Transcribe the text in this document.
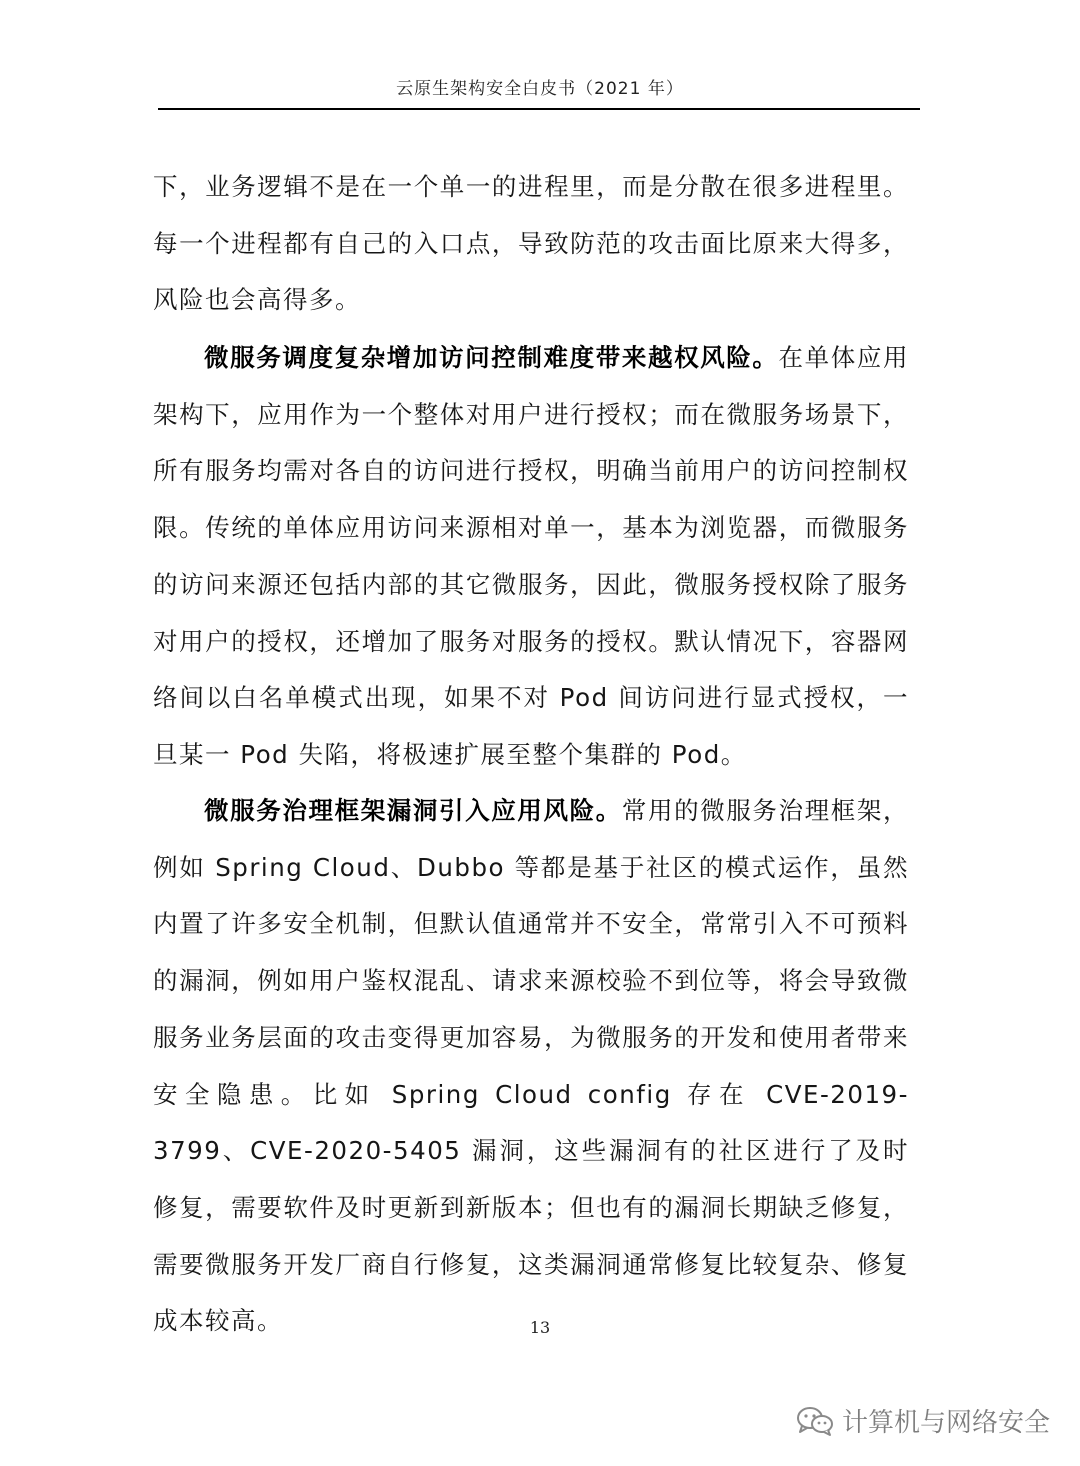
云原生架构安全白皮书（2021 年）
下，业务逻辑不是在一个单一的进程里，而是分散在很多进程里。每一个进程都有自己的入口点，导致防范的攻击面比原来大得多，风险也会高得多。
微服务调度复杂增加访问控制难度带来越权风险。在单体应用架构下，应用作为一个整体对用户进行授权；而在微服务场景下，所有服务均需对各自的访问进行授权，明确当前用户的访问控制权限。传统的单体应用访问来源相对单一，基本为浏览器，而微服务的访问来源还包括内部的其它微服务，因此，微服务授权除了服务对用户的授权，还增加了服务对服务的授权。默认情况下，容器网络间以白名单模式出现，如果不对 Pod 间访问进行显式授权，一旦某一 Pod 失陷，将极速扩展至整个集群的 Pod。
微服务治理框架漏洞引入应用风险。常用的微服务治理框架，例如 Spring Cloud、Dubbo 等都是基于社区的模式运作，虽然内置了许多安全机制，但默认值通常并不安全，常常引入不可预料的漏洞，例如用户鉴权混乱、请求来源校验不到位等，将会导致微服务业务层面的攻击变得更加容易，为微服务的开发和使用者带来安全隐患。比如 Spring Cloud config 存在 CVE-2019-3799、CVE-2020-5405 漏洞，这些漏洞有的社区进行了及时修复，需要软件及时更新到新版本；但也有的漏洞长期缺乏修复，需要微服务开发厂商自行修复，这类漏洞通常修复比较复杂、修复成本较高。	13
计算机与网络安全
